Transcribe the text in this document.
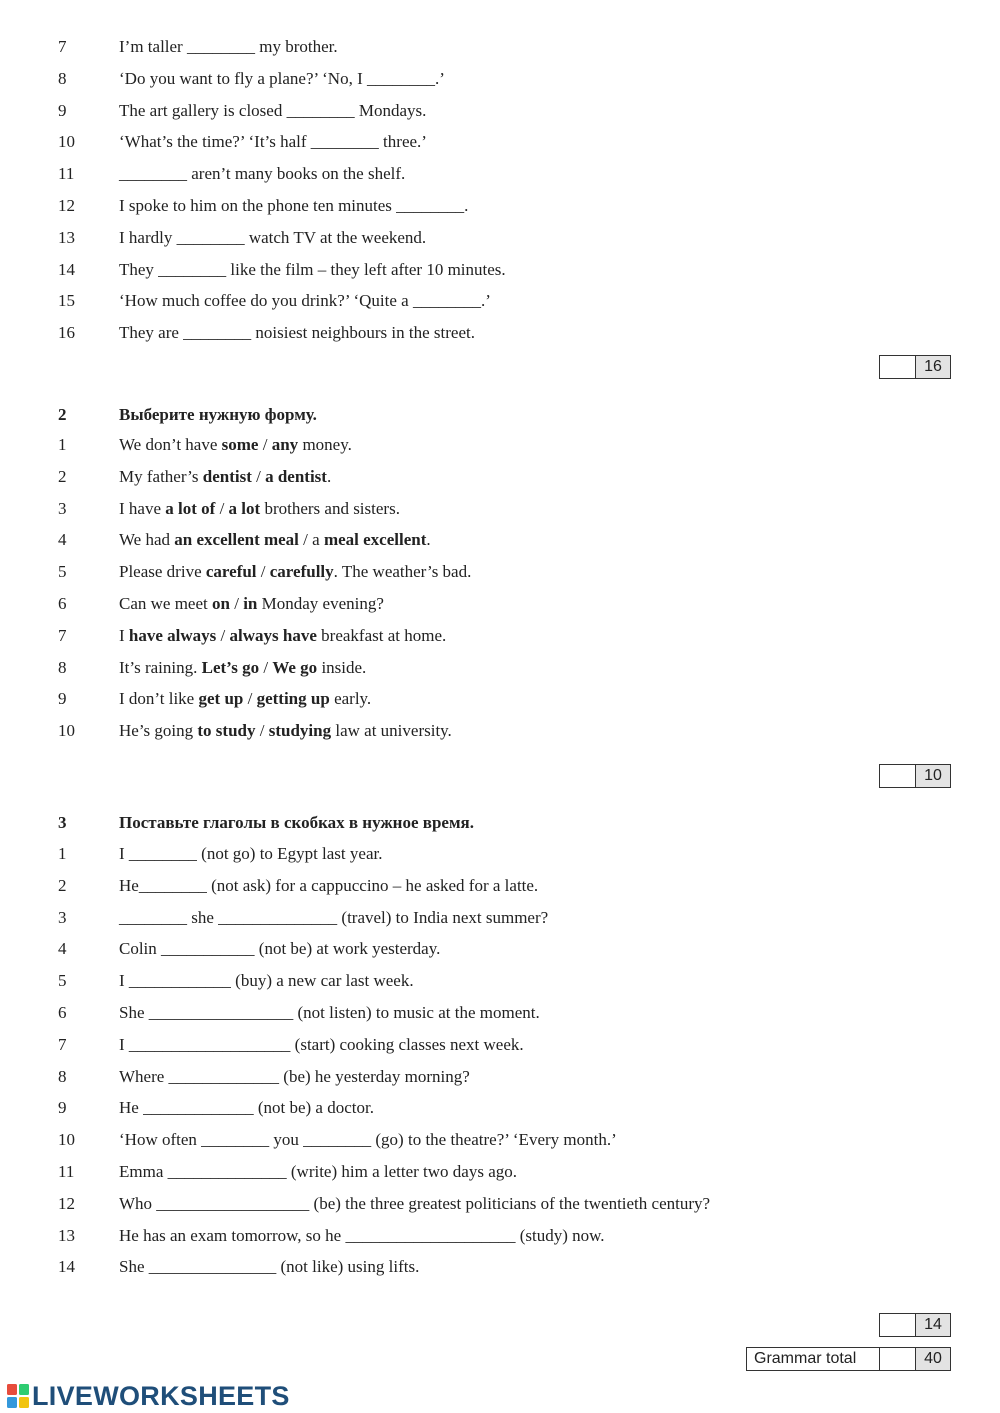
7	I’m taller ________ my brother.
8	‘Do you want to fly a plane?’ ‘No, I ________.’
9	The art gallery is closed ________ Mondays.
10	‘What’s the time?’ ‘It’s half ________ three.’
11	________ aren’t many books on the shelf.
12	I spoke to him on the phone ten minutes ________.
13	I hardly ________ watch TV at the weekend.
14	They ________ like the film – they left after 10 minutes.
15	‘How much coffee do you drink?’ ‘Quite a ________.’
16	They are ________ noisiest neighbours in the street.
16
2	Выберите нужную форму.
1	We don’t have some / any money.
2	My father’s dentist / a dentist.
3	I have a lot of / a lot brothers and sisters.
4	We had an excellent meal / a meal excellent.
5	Please drive careful / carefully. The weather’s bad.
6	Can we meet on / in Monday evening?
7	I have always / always have breakfast at home.
8	It’s raining. Let’s go / We go inside.
9	I don’t like get up / getting up early.
10	He’s going to study / studying law at university.
10
3	Поставьте глаголы в скобках в нужное время.
1	I ________ (not go) to Egypt last year.
2	He________ (not ask) for a cappuccino – he asked for a latte.
3	________ she ______________ (travel) to India next summer?
4	Colin ___________ (not be) at work yesterday.
5	I ____________ (buy) a new car last week.
6	She _________________ (not listen) to music at the moment.
7	I ___________________ (start) cooking classes next week.
8	Where _____________ (be) he yesterday morning?
9	He _____________ (not be) a doctor.
10	‘How often ________ you ________ (go) to the theatre?’ ‘Every month.’
11	Emma ______________ (write) him a letter two days ago.
12	Who __________________ (be) the three greatest politicians of the twentieth century?
13	He has an exam tomorrow, so he ____________________ (study) now.
14	She _______________ (not like) using lifts.
14
Grammar total	40
LIVEWORKSHEETS
